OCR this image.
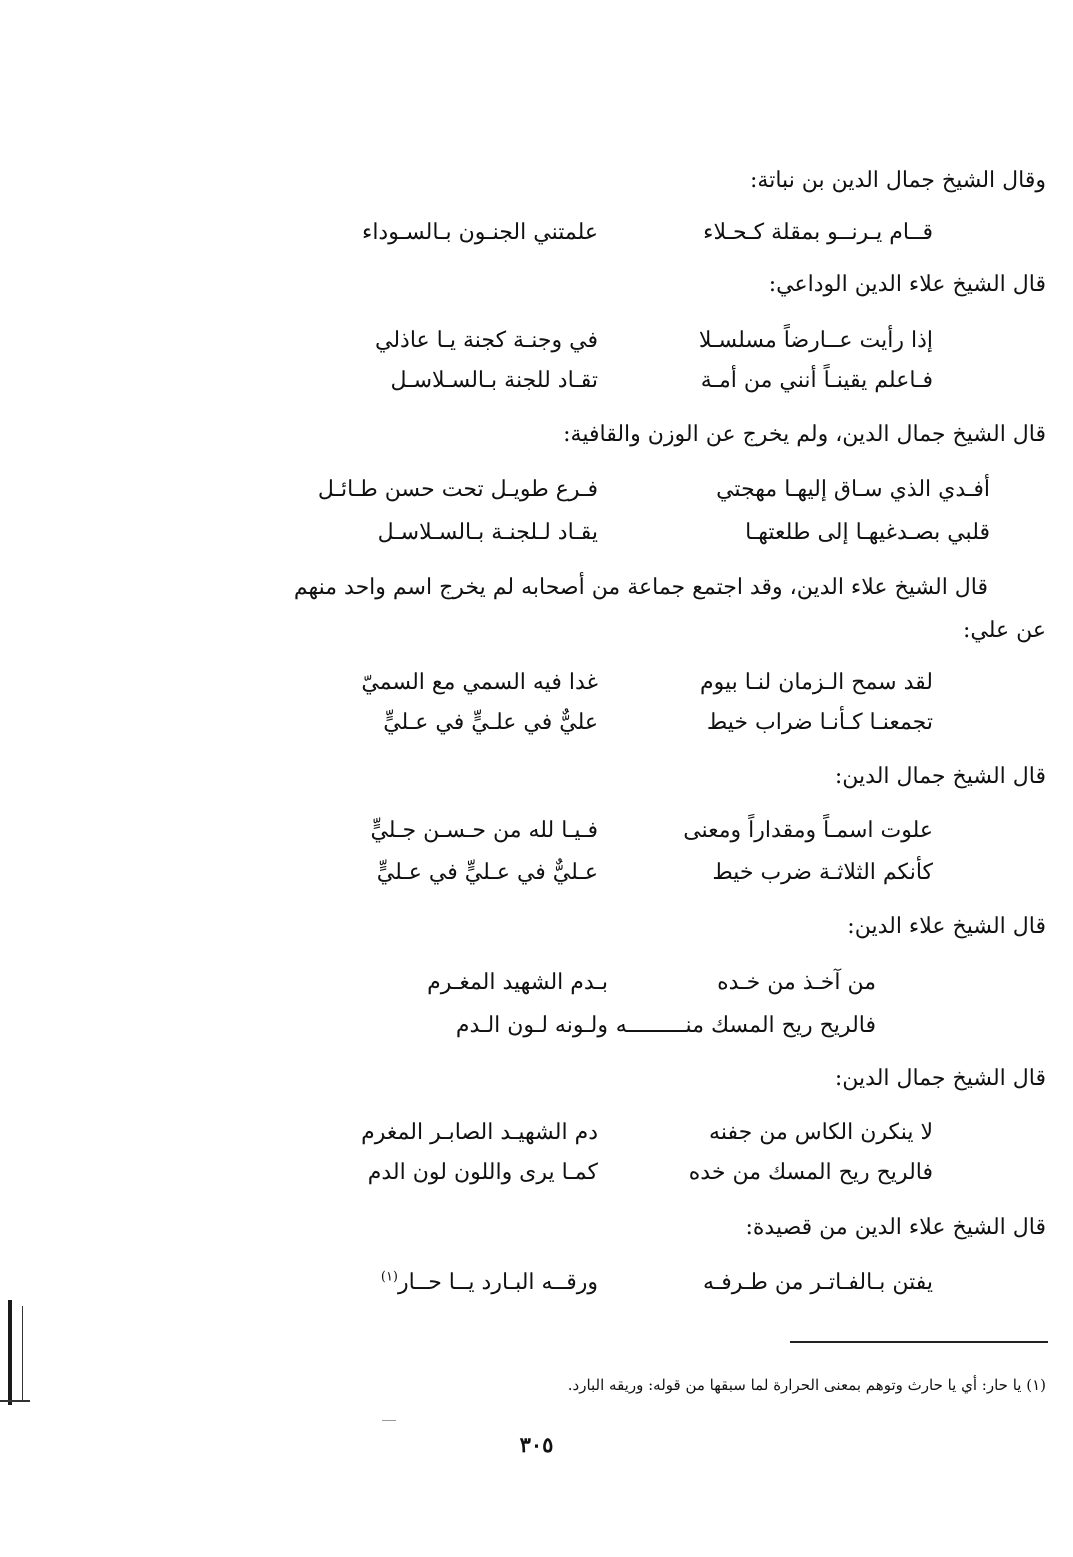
وقال الشيخ جمال الدين بن نباتة:
قــام يـرنــو بمقلة كـحـلاء
علمتني الجنـون بـالسـوداء
قال الشيخ علاء الدين الوداعي:
إذا رأيت عــارضاً مسلسـلا
في وجنـة كجنة يـا عاذلي
فـاعلم يقينـاً أنني من أمـة
تقـاد للجنة بـالسـلاسـل
قال الشيخ جمال الدين، ولم يخرج عن الوزن والقافية:
أفـدي الذي سـاق إليهـا مهجتي
فـرع طويـل تحت حسن طـائـل
قلبي بصـدغيهـا إلى طلعتهـا
يقـاد لـلجنـة بـالسـلاسـل
قال الشيخ علاء الدين، وقد اجتمع جماعة من أصحابه لم يخرج اسم واحد منهم
عن علي:
لقد سمح الـزمان لنـا بيوم
غدا فيه السمي مع السميّ
تجمعنـا كـأنـا ضراب خيط
عليٌّ في علـيٍّ في عـليٍّ
قال الشيخ جمال الدين:
علوت اسمـاً ومقداراً ومعنى
فـيـا لله من حـسـن جـليٍّ
كأنكم الثلاثـة ضرب خيط
عـليٌّ في عـليٍّ في عـليٍّ
قال الشيخ علاء الدين:
من آخـذ من خـده
بـدم الشهيد المغـرم
فالريح ريح المسك منـــــــــه
ولـونه لـون الـدم
قال الشيخ جمال الدين:
لا ينكرن الكاس من جفنه
دم الشهيـد الصابـر المغرم
فالريح ريح المسك من خده
كمـا يرى واللون لون الدم
قال الشيخ علاء الدين من قصيدة:
يفتن بـالفـاتـر من طـرفـه
ورقــه البـارد يــا حــار$^{(١)}$
(١) يا حار: أي يا حارث وتوهم بمعنى الحرارة لما سبقها من قوله: وريقه البارد.
٣٠٥
